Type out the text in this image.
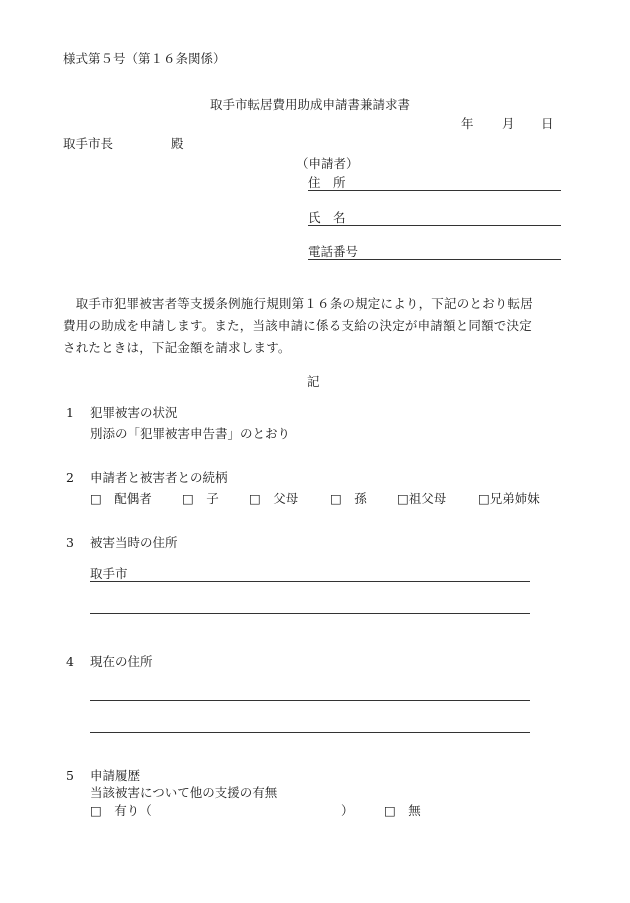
様式第５号（第１６条関係）
取手市転居費用助成申請書兼請求書
年 月 日
取手市長	殿
（申請者）
住　所
氏　名
電話番号
　取手市犯罪被害者等支援条例施行規則第１６条の規定により，下記のとおり転居
費用の助成を申請します。また，当該申請に係る支給の決定が申請額と同額で決定
されたときは，下記金額を請求します。
記
1 犯罪被害の状況
別添の「犯罪被害申告書」のとおり
2 申請者と被害者との続柄
□　配偶者 □　子 □　父母	□　孫 □祖父母	□兄弟姉妹
3 被害当時の住所
取手市
4 現在の住所
5 申請履歴
当該被害について他の支援の有無
□　有り（	） □　無
